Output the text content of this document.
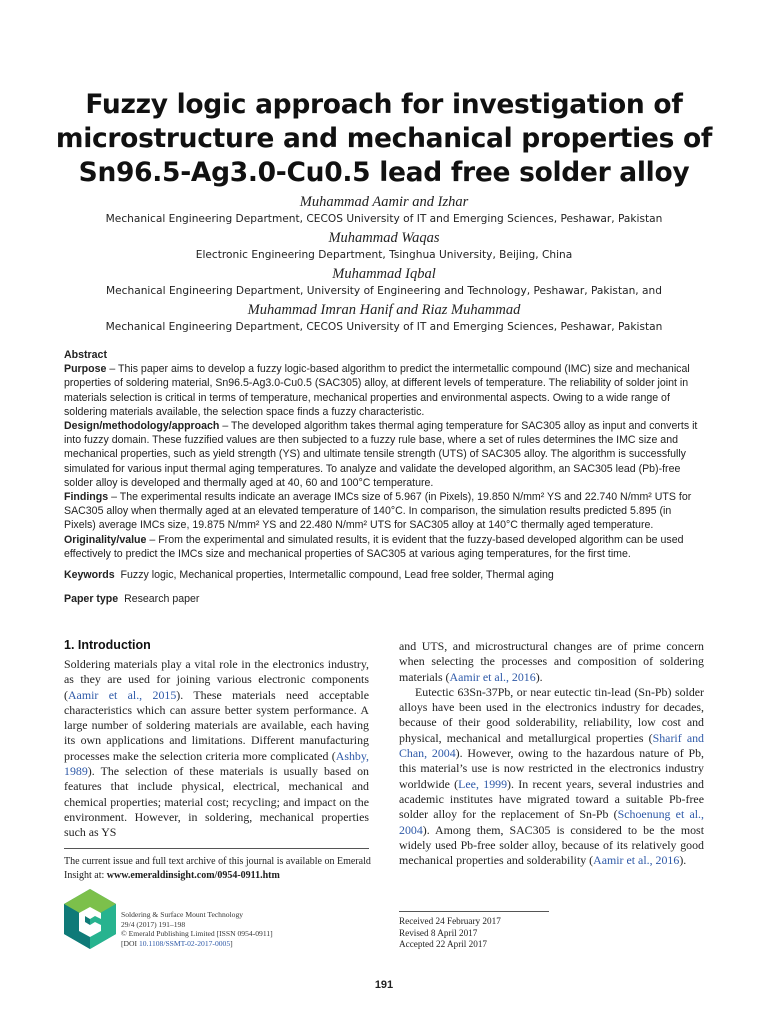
Fuzzy logic approach for investigation of
microstructure and mechanical properties of
Sn96.5-Ag3.0-Cu0.5 lead free solder alloy
Muhammad Aamir and Izhar
Mechanical Engineering Department, CECOS University of IT and Emerging Sciences, Peshawar, Pakistan
Muhammad Waqas
Electronic Engineering Department, Tsinghua University, Beijing, China
Muhammad Iqbal
Mechanical Engineering Department, University of Engineering and Technology, Peshawar, Pakistan, and
Muhammad Imran Hanif and Riaz Muhammad
Mechanical Engineering Department, CECOS University of IT and Emerging Sciences, Peshawar, Pakistan

Abstract

Purpose – This paper aims to develop a fuzzy logic-based algorithm to predict the intermetallic compound (IMC) size and mechanical properties of soldering material, Sn96.5-Ag3.0-Cu0.5 (SAC305) alloy, at different levels of temperature. The reliability of solder joint in materials selection is critical in terms of temperature, mechanical properties and environmental aspects. Owing to a wide range of soldering materials available, the selection space finds a fuzzy characteristic.

Design/methodology/approach – The developed algorithm takes thermal aging temperature for SAC305 alloy as input and converts it into fuzzy domain. These fuzzified values are then subjected to a fuzzy rule base, where a set of rules determines the IMC size and mechanical properties, such as yield strength (YS) and ultimate tensile strength (UTS) of SAC305 alloy. The algorithm is successfully simulated for various input thermal aging temperatures. To analyze and validate the developed algorithm, an SAC305 lead (Pb)-free solder alloy is developed and thermally aged at 40, 60 and 100°C temperature.

Findings – The experimental results indicate an average IMCs size of 5.967 (in Pixels), 19.850 N/mm² YS and 22.740 N/mm² UTS for SAC305 alloy when thermally aged at an elevated temperature of 140°C. In comparison, the simulation results predicted 5.895 (in Pixels) average IMCs size, 19.875 N/mm² YS and 22.480 N/mm² UTS for SAC305 alloy at 140°C thermally aged temperature.

Originality/value – From the experimental and simulated results, it is evident that the fuzzy-based developed algorithm can be used effectively to predict the IMCs size and mechanical properties of SAC305 at various aging temperatures, for the first time.

Keywords Fuzzy logic, Mechanical properties, Intermetallic compound, Lead free solder, Thermal aging
Paper type Research paper
1. Introduction

Soldering materials play a vital role in the electronics industry, as they are used for joining various electronic components (Aamir et al., 2015). These materials need acceptable characteristics which can assure better system performance. A large number of soldering materials are available, each having its own applications and limitations. Different manufacturing processes make the selection criteria more complicated (Ashby, 1989). The selection of these materials is usually based on features that include physical, electrical, mechanical and chemical properties; material cost; recycling; and impact on the environment. However, in soldering, mechanical properties such as YS

and UTS, and microstructural changes are of prime concern when selecting the processes and composition of soldering materials (Aamir et al., 2016).

Eutectic 63Sn-37Pb, or near eutectic tin-lead (Sn-Pb) solder alloys have been used in the electronics industry for decades, because of their good solderability, reliability, low cost and physical, mechanical and metallurgical properties (Sharif and Chan, 2004). However, owing to the hazardous nature of Pb, this material’s use is now restricted in the electronics industry worldwide (Lee, 1999). In recent years, several industries and academic institutes have migrated toward a suitable Pb-free solder alloy for the replacement of Sn-Pb (Schoenung et al., 2004). Among them, SAC305 is considered to be the most widely used Pb-free solder alloy, because of its relatively good mechanical properties and solderability (Aamir et al., 2016).

The current issue and full text archive of this journal is available on Emerald Insight at: www.emeraldinsight.com/0954-0911.htm
Soldering & Surface Mount Technology
29/4 (2017) 191–198
© Emerald Publishing Limited [ISSN 0954-0911]
[DOI 10.1108/SSMT-02-2017-0005]
Received 24 February 2017
Revised 8 April 2017
Accepted 22 April 2017
191
